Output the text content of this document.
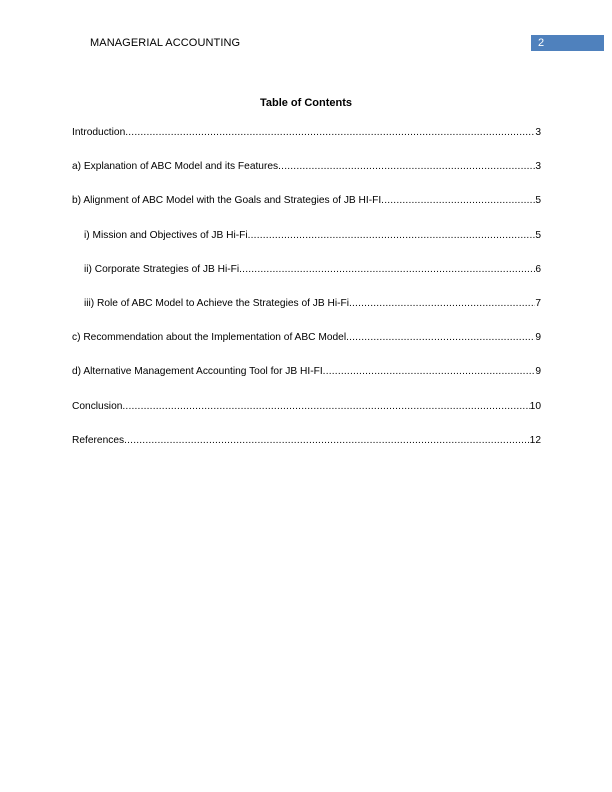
MANAGERIAL ACCOUNTING	2
Table of Contents
Introduction .....	3
a) Explanation of ABC Model and its Features .....	3
b) Alignment of ABC Model with the Goals and Strategies of JB HI-FI .....	5
i) Mission and Objectives of JB Hi-Fi .....	5
ii) Corporate Strategies of JB Hi-Fi .....	6
iii) Role of ABC Model to Achieve the Strategies of JB Hi-Fi .....	7
c) Recommendation about the Implementation of ABC Model .....	9
d) Alternative Management Accounting Tool for JB HI-FI .....	9
Conclusion .....	10
References .....	12
